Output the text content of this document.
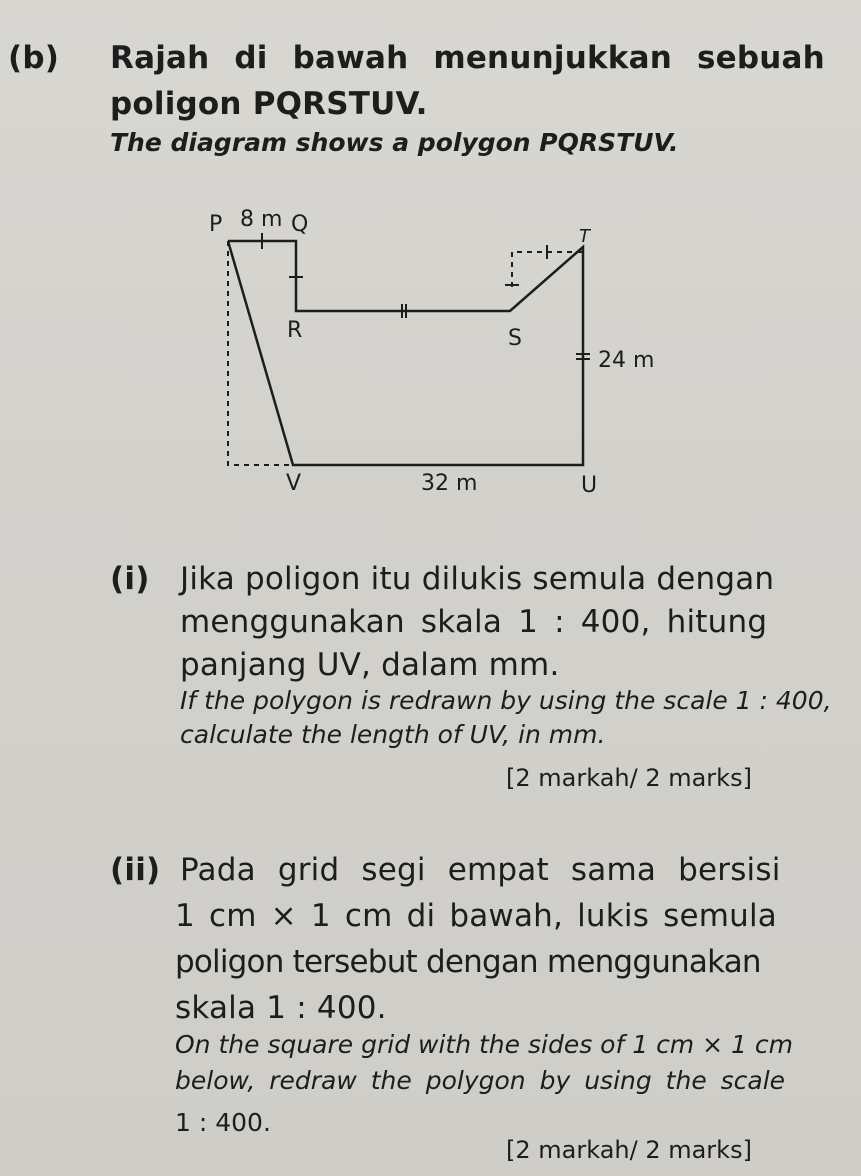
(b) Rajah di bawah menunjukkan sebuah
poligon PQRSTUV.
The diagram shows a polygon PQRSTUV.
P 8 m Q	T
R	S
24 m
V	32 m	U
(i) Jika poligon itu dilukis semula dengan
menggunakan skala 1 : 400, hitung
panjang UV, dalam mm.
If the polygon is redrawn by using the scale 1 : 400,
calculate the length of UV, in mm.
[2 markah/ 2 marks]
(ii) Pada grid segi empat sama bersisi
1 cm × 1 cm di bawah, lukis semula
poligon tersebut dengan menggunakan
skala 1 : 400.
On the square grid with the sides of 1 cm × 1 cm
below, redraw the polygon by using the scale
1 : 400.
[2 markah/ 2 marks]
